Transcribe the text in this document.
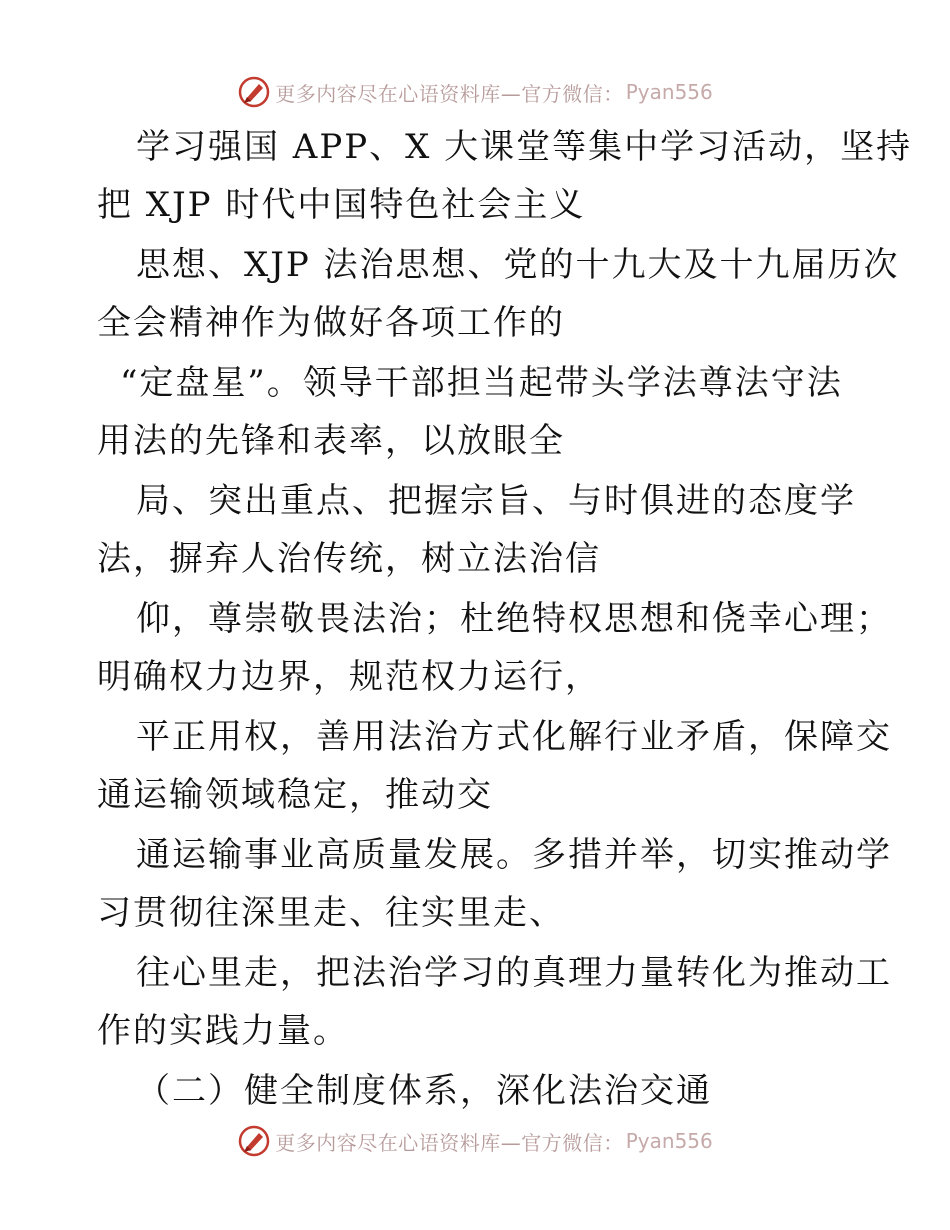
更多内容尽在心语资料库—官方微信： Pyan556
学习强国 APP、X 大课堂等集中学习活动，坚持
把 XJP 时代中国特色社会主义
思想、XJP 法治思想、党的十九大及十九届历次
全会精神作为做好各项工作的
“定盘星”。领导干部担当起带头学法尊法守法
用法的先锋和表率，以放眼全
局、突出重点、把握宗旨、与时俱进的态度学
法，摒弃人治传统，树立法治信
仰，尊崇敬畏法治；杜绝特权思想和侥幸心理；
明确权力边界，规范权力运行，
平正用权，善用法治方式化解行业矛盾，保障交
通运输领域稳定，推动交
通运输事业高质量发展。多措并举，切实推动学
习贯彻往深里走、往实里走、
往心里走，把法治学习的真理力量转化为推动工
作的实践力量。
（二）健全制度体系，深化法治交通
更多内容尽在心语资料库—官方微信： Pyan556
